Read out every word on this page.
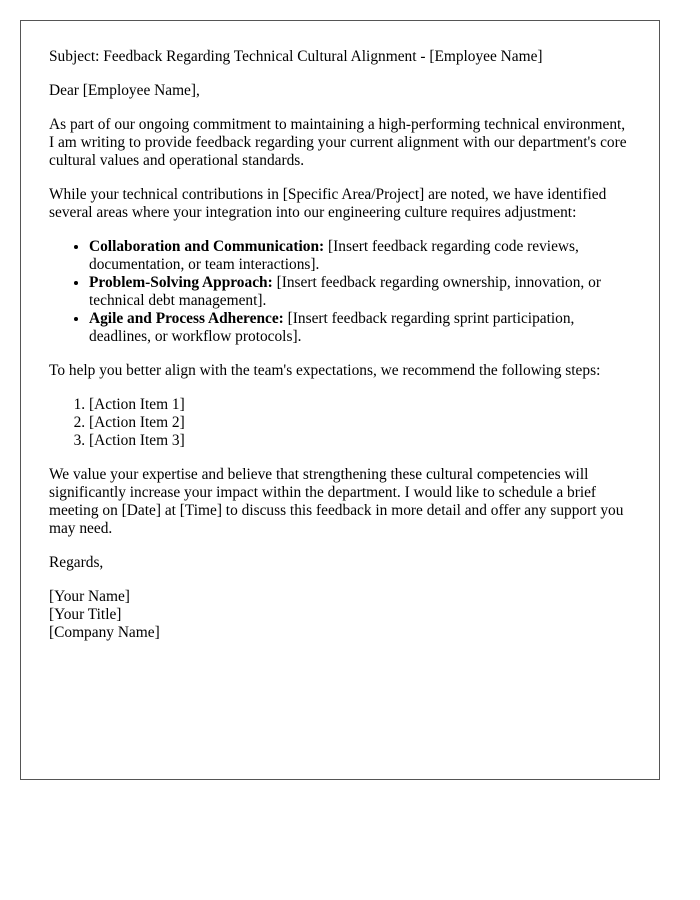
Subject: Feedback Regarding Technical Cultural Alignment - [Employee Name]

Dear [Employee Name],

As part of our ongoing commitment to maintaining a high-performing technical environment, I am writing to provide feedback regarding your current alignment with our department's core cultural values and operational standards.

While your technical contributions in [Specific Area/Project] are noted, we have identified several areas where your integration into our engineering culture requires adjustment:

• Collaboration and Communication: [Insert feedback regarding code reviews, documentation, or team interactions].
• Problem-Solving Approach: [Insert feedback regarding ownership, innovation, or technical debt management].
• Agile and Process Adherence: [Insert feedback regarding sprint participation, deadlines, or workflow protocols].

To help you better align with the team's expectations, we recommend the following steps:

1. [Action Item 1]
2. [Action Item 2]
3. [Action Item 3]

We value your expertise and believe that strengthening these cultural competencies will significantly increase your impact within the department. I would like to schedule a brief meeting on [Date] at [Time] to discuss this feedback in more detail and offer any support you may need.

Regards,

[Your Name]
[Your Title]
[Company Name]
